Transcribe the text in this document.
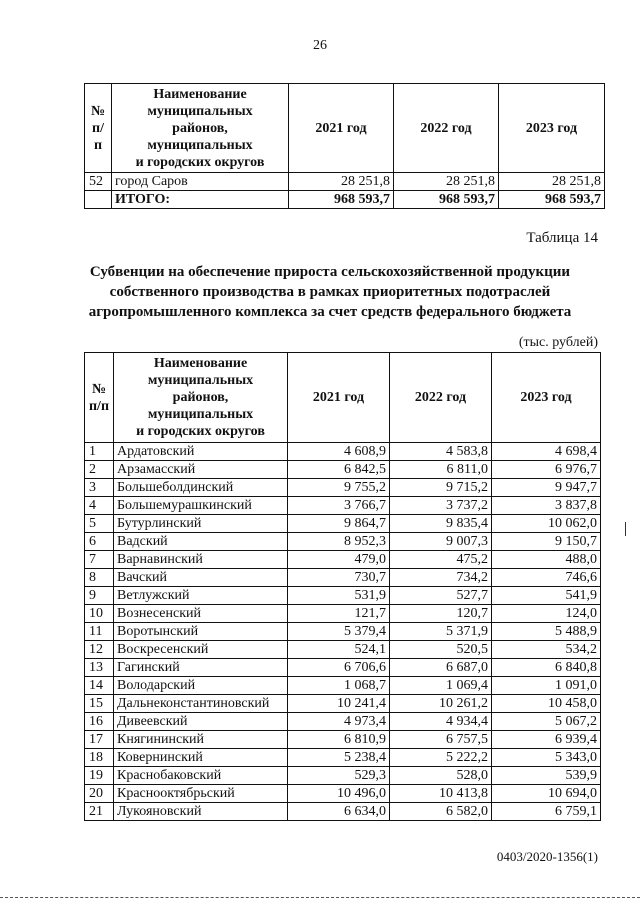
26
№
п/п	Наименование
муниципальных
районов,
муниципальных
и городских округов	2021 год	2022 год	2023 год
52	город Саров	28 251,8	28 251,8	28 251,8
	ИТОГО:	968 593,7	968 593,7	968 593,7
Таблица 14
Субвенции на обеспечение прироста сельскохозяйственной продукции собственного производства в рамках приоритетных подотраслей агропромышленного комплекса за счет средств федерального бюджета
(тыс. рублей)
№
п/п	Наименование
муниципальных
районов,
муниципальных
и городских округов	2021 год	2022 год	2023 год
1	Ардатовский	4 608,9	4 583,8	4 698,4
2	Арзамасский	6 842,5	6 811,0	6 976,7
3	Большеболдинский	9 755,2	9 715,2	9 947,7
4	Большемурашкинский	3 766,7	3 737,2	3 837,8
5	Бутурлинский	9 864,7	9 835,4	10 062,0
6	Вадский	8 952,3	9 007,3	9 150,7
7	Варнавинский	479,0	475,2	488,0
8	Вачский	730,7	734,2	746,6
9	Ветлужский	531,9	527,7	541,9
10	Вознесенский	121,7	120,7	124,0
11	Воротынский	5 379,4	5 371,9	5 488,9
12	Воскресенский	524,1	520,5	534,2
13	Гагинский	6 706,6	6 687,0	6 840,8
14	Володарский	1 068,7	1 069,4	1 091,0
15	Дальнеконстантиновский	10 241,4	10 261,2	10 458,0
16	Дивеевский	4 973,4	4 934,4	5 067,2
17	Княгининский	6 810,9	6 757,5	6 939,4
18	Ковернинский	5 238,4	5 222,2	5 343,0
19	Краснобаковский	529,3	528,0	539,9
20	Краснооктябрьский	10 496,0	10 413,8	10 694,0
21	Лукояновский	6 634,0	6 582,0	6 759,1
0403/2020-1356(1)
